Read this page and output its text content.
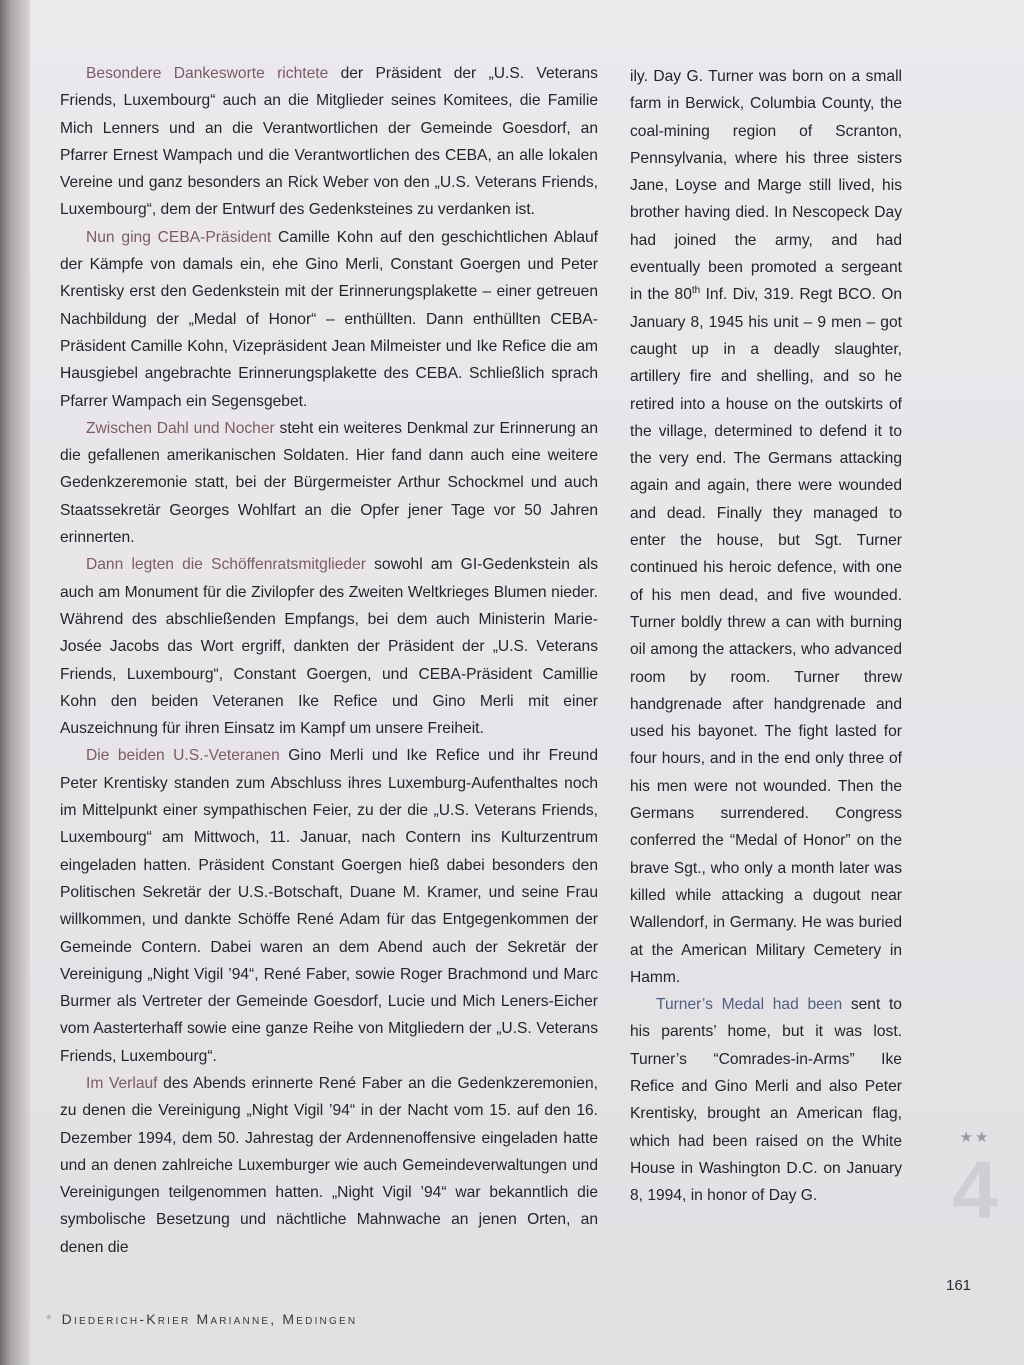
Besondere Dankesworte richtete der Präsident der „U.S. Veterans Friends, Luxembourg“ auch an die Mitglieder seines Komitees, die Familie Mich Lenners und an die Verantwortlichen der Gemeinde Goesdorf, an Pfarrer Ernest Wampach und die Verantwortlichen des CEBA, an alle lokalen Vereine und ganz besonders an Rick Weber von den „U.S. Veterans Friends, Luxembourg“, dem der Entwurf des Gedenksteines zu verdanken ist.

Nun ging CEBA-Präsident Camille Kohn auf den geschichtlichen Ablauf der Kämpfe von damals ein, ehe Gino Merli, Constant Goergen und Peter Krentisky erst den Gedenkstein mit der Erinnerungsplakette – einer getreuen Nachbildung der „Medal of Honor“ – enthüllten. Dann enthüllten CEBA-Präsident Camille Kohn, Vizepräsident Jean Milmeister und Ike Refice die am Hausgiebel angebrachte Erinnerungsplakette des CEBA. Schließlich sprach Pfarrer Wampach ein Segensgebet.

Zwischen Dahl und Nocher steht ein weiteres Denkmal zur Erinnerung an die gefallenen amerikanischen Soldaten. Hier fand dann auch eine weitere Gedenkzeremonie statt, bei der Bürgermeister Arthur Schockmel und auch Staatssekretär Georges Wohlfart an die Opfer jener Tage vor 50 Jahren erinnerten.

Dann legten die Schöffenratsmitglieder sowohl am GI-Gedenkstein als auch am Monument für die Zivilopfer des Zweiten Weltkrieges Blumen nieder. Während des abschließenden Empfangs, bei dem auch Ministerin Marie-Josée Jacobs das Wort ergriff, dankten der Präsident der „U.S. Veterans Friends, Luxembourg“, Constant Goergen, und CEBA-Präsident Camillie Kohn den beiden Veteranen Ike Refice und Gino Merli mit einer Auszeichnung für ihren Einsatz im Kampf um unsere Freiheit.

Die beiden U.S.-Veteranen Gino Merli und Ike Refice und ihr Freund Peter Krentisky standen zum Abschluss ihres Luxemburg-Aufenthaltes noch im Mittelpunkt einer sympathischen Feier, zu der die „U.S. Veterans Friends, Luxembourg“ am Mittwoch, 11. Januar, nach Contern ins Kulturzentrum eingeladen hatten. Präsident Constant Goergen hieß dabei besonders den Politischen Sekretär der U.S.-Botschaft, Duane M. Kramer, und seine Frau willkommen, und dankte Schöffe René Adam für das Entgegenkommen der Gemeinde Contern. Dabei waren an dem Abend auch der Sekretär der Vereinigung „Night Vigil ’94“, René Faber, sowie Roger Brachmond und Marc Burmer als Vertreter der Gemeinde Goesdorf, Lucie und Mich Leners-Eicher vom Aasterterhaff sowie eine ganze Reihe von Mitgliedern der „U.S. Veterans Friends, Luxembourg“.

Im Verlauf des Abends erinnerte René Faber an die Gedenkzeremonien, zu denen die Vereinigung „Night Vigil ’94“ in der Nacht vom 15. auf den 16. Dezember 1994, dem 50. Jahrestag der Ardennenoffensive eingeladen hatte und an denen zahlreiche Luxemburger wie auch Gemeindeverwaltungen und Vereinigungen teilgenommen hatten. „Night Vigil ’94“ war bekanntlich die symbolische Besetzung und nächtliche Mahnwache an jenen Orten, an denen die

ily. Day G. Turner was born on a small farm in Berwick, Columbia County, the coal-mining region of Scranton, Pennsylvania, where his three sisters Jane, Loyse and Marge still lived, his brother having died. In Nescopeck Day had joined the army, and had eventually been promoted a sergeant in the 80th Inf. Div, 319. Regt BCO. On January 8, 1945 his unit – 9 men – got caught up in a deadly slaughter, artillery fire and shelling, and so he retired into a house on the outskirts of the village, determined to defend it to the very end. The Germans attacking again and again, there were wounded and dead. Finally they managed to enter the house, but Sgt. Turner continued his heroic defence, with one of his men dead, and five wounded. Turner boldly threw a can with burning oil among the attackers, who advanced room by room. Turner threw handgrenade after handgrenade and used his bayonet. The fight lasted for four hours, and in the end only three of his men were not wounded. Then the Germans surrendered. Congress conferred the “Medal of Honor” on the brave Sgt., who only a month later was killed while attacking a dugout near Wallendorf, in Germany. He was buried at the American Military Cemetery in Hamm.

Turner’s Medal had been sent to his parents’ home, but it was lost. Turner’s “Comrades-in-Arms” Ike Refice and Gino Merli and also Peter Krentisky, brought an American flag, which had been raised on the White House in Washington D.C. on January 8, 1994, in honor of Day G.

★★
4
161
* Diederich-Krier Marianne, Medingen
